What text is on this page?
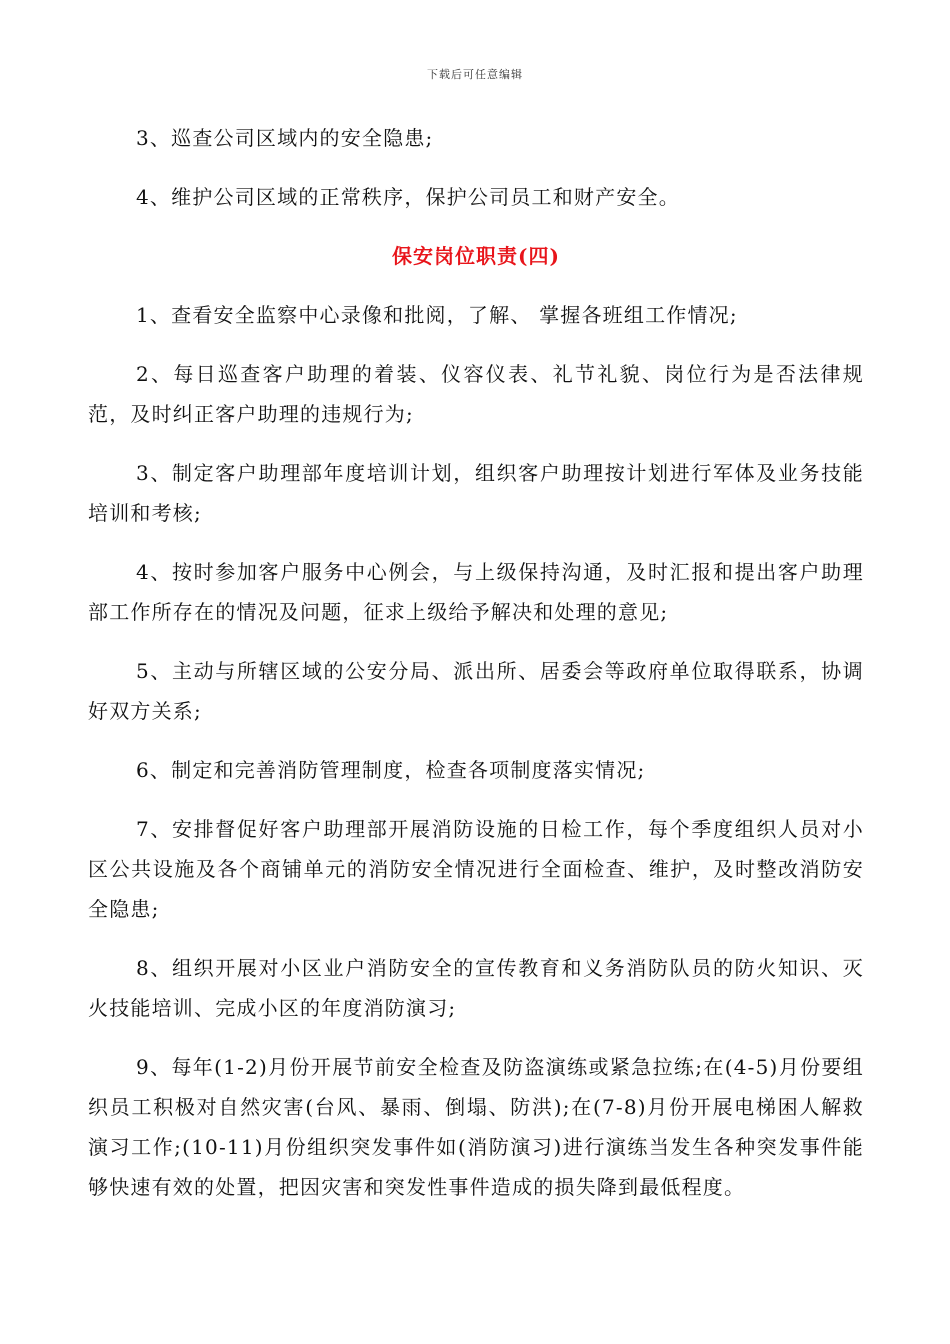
下载后可任意编辑

3、巡查公司区域内的安全隐患;

4、维护公司区域的正常秩序，保护公司员工和财产安全。

保安岗位职责(四)

1、查看安全监察中心录像和批阅，了解、 掌握各班组工作情况;

2、每日巡查客户助理的着装、仪容仪表、礼节礼貌、岗位行为是否法律规范，及时纠正客户助理的违规行为;

3、制定客户助理部年度培训计划，组织客户助理按计划进行军体及业务技能培训和考核;

4、按时参加客户服务中心例会，与上级保持沟通，及时汇报和提出客户助理部工作所存在的情况及问题，征求上级给予解决和处理的意见;

5、主动与所辖区域的公安分局、派出所、居委会等政府单位取得联系，协调好双方关系;

6、制定和完善消防管理制度，检查各项制度落实情况;

7、安排督促好客户助理部开展消防设施的日检工作，每个季度组织人员对小区公共设施及各个商铺单元的消防安全情况进行全面检查、维护，及时整改消防安全隐患;

8、组织开展对小区业户消防安全的宣传教育和义务消防队员的防火知识、灭火技能培训、完成小区的年度消防演习;

9、每年(1-2)月份开展节前安全检查及防盗演练或紧急拉练;在(4-5)月份要组织员工积极对自然灾害(台风、暴雨、倒塌、防洪);在(7-8)月份开展电梯困人解救演习工作;(10-11)月份组织突发事件如(消防演习)进行演练当发生各种突发事件能够快速有效的处置，把因灾害和突发性事件造成的损失降到最低程度。
